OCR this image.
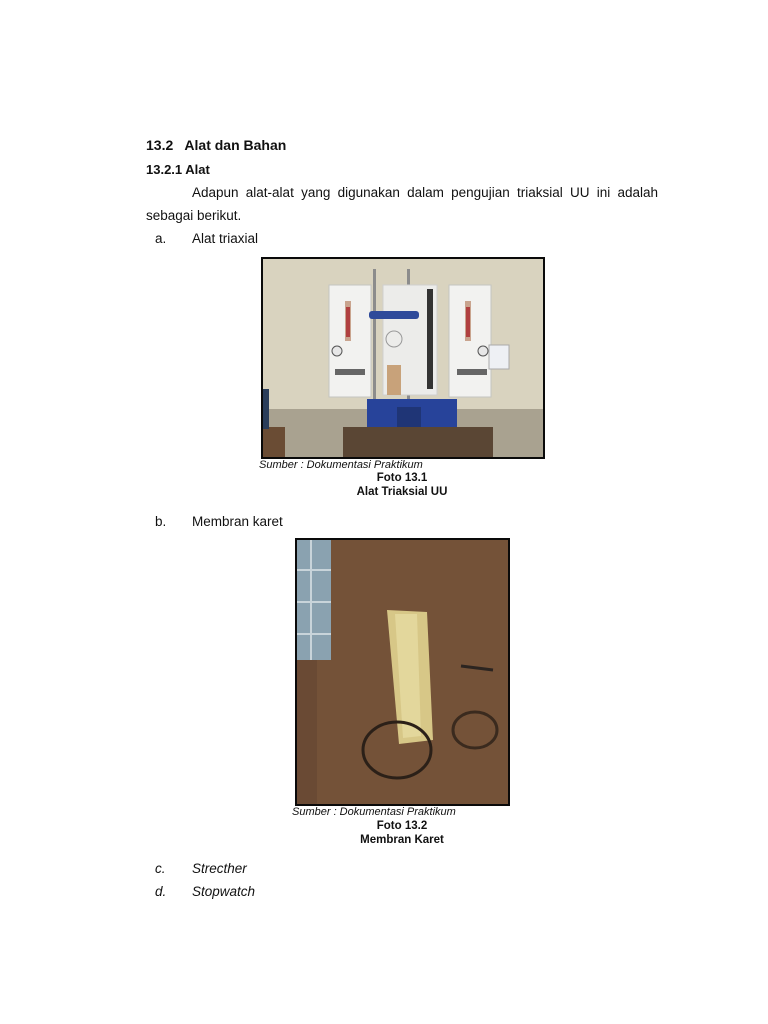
13.2 Alat dan Bahan
13.2.1 Alat
Adapun alat-alat yang digunakan dalam pengujian triaksial UU ini adalah
sebagai berikut.
a. Alat triaxial
Sumber : Dokumentasi Praktikum
Foto 13.1
Alat Triaksial UU
b. Membran karet
Sumber : Dokumentasi Praktikum
Foto 13.2
Membran Karet
c. Strecther
d. Stopwatch
